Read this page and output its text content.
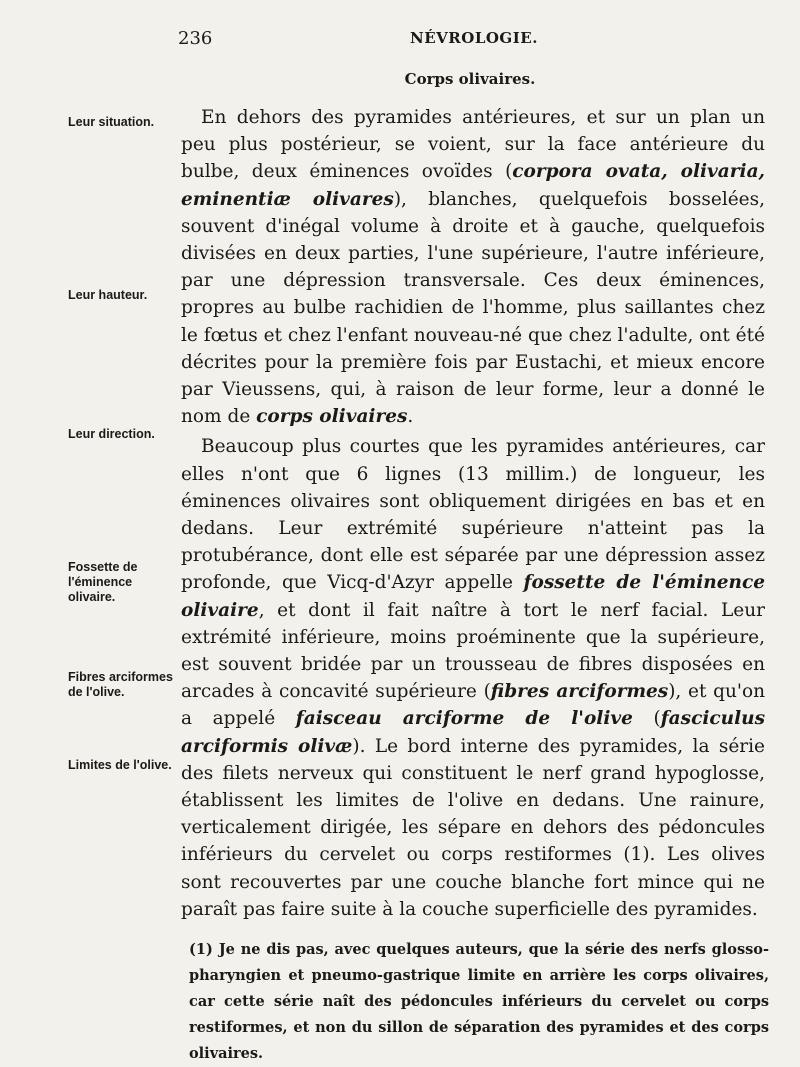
236	NÉVROLOGIE.
Corps olivaires.
Leur situation.
Leur hauteur.
Leur direction.
Fossette de l'éminence olivaire.
Fibres arciformes de l'olive.
Limites de l'olive.

En dehors des pyramides antérieures, et sur un plan un peu plus postérieur, se voient, sur la face antérieure du bulbe, deux éminences ovoïdes (corpora ovata, olivaria, eminentiæ olivares), blanches, quelquefois bosselées, souvent d'inégal volume à droite et à gauche, quelquefois divisées en deux parties, l'une supérieure, l'autre inférieure, par une dépression transversale. Ces deux éminences, propres au bulbe rachidien de l'homme, plus saillantes chez le fœtus et chez l'enfant nouveau-né que chez l'adulte, ont été décrites pour la première fois par Eustachi, et mieux encore par Vieussens, qui, à raison de leur forme, leur a donné le nom de corps olivaires.

Beaucoup plus courtes que les pyramides antérieures, car elles n'ont que 6 lignes (13 millim.) de longueur, les éminences olivaires sont obliquement dirigées en bas et en dedans. Leur extrémité supérieure n'atteint pas la protubérance, dont elle est séparée par une dépression assez profonde, que Vicq-d'Azyr appelle fossette de l'éminence olivaire, et dont il fait naître à tort le nerf facial. Leur extrémité inférieure, moins proéminente que la supérieure, est souvent bridée par un trousseau de fibres disposées en arcades à concavité supérieure (fibres arciformes), et qu'on a appelé faisceau arciforme de l'olive (fasciculus arciformis olivæ). Le bord interne des pyramides, la série des filets nerveux qui constituent le nerf grand hypoglosse, établissent les limites de l'olive en dedans. Une rainure, verticalement dirigée, les sépare en dehors des pédoncules inférieurs du cervelet ou corps restiformes (1). Les olives sont recouvertes par une couche blanche fort mince qui ne paraît pas faire suite à la couche superficielle des pyramides.

(1) Je ne dis pas, avec quelques auteurs, que la série des nerfs glosso-pharyngien et pneumo-gastrique limite en arrière les corps olivaires, car cette série naît des pédoncules inférieurs du cervelet ou corps restiformes, et non du sillon de séparation des pyramides et des corps olivaires.
